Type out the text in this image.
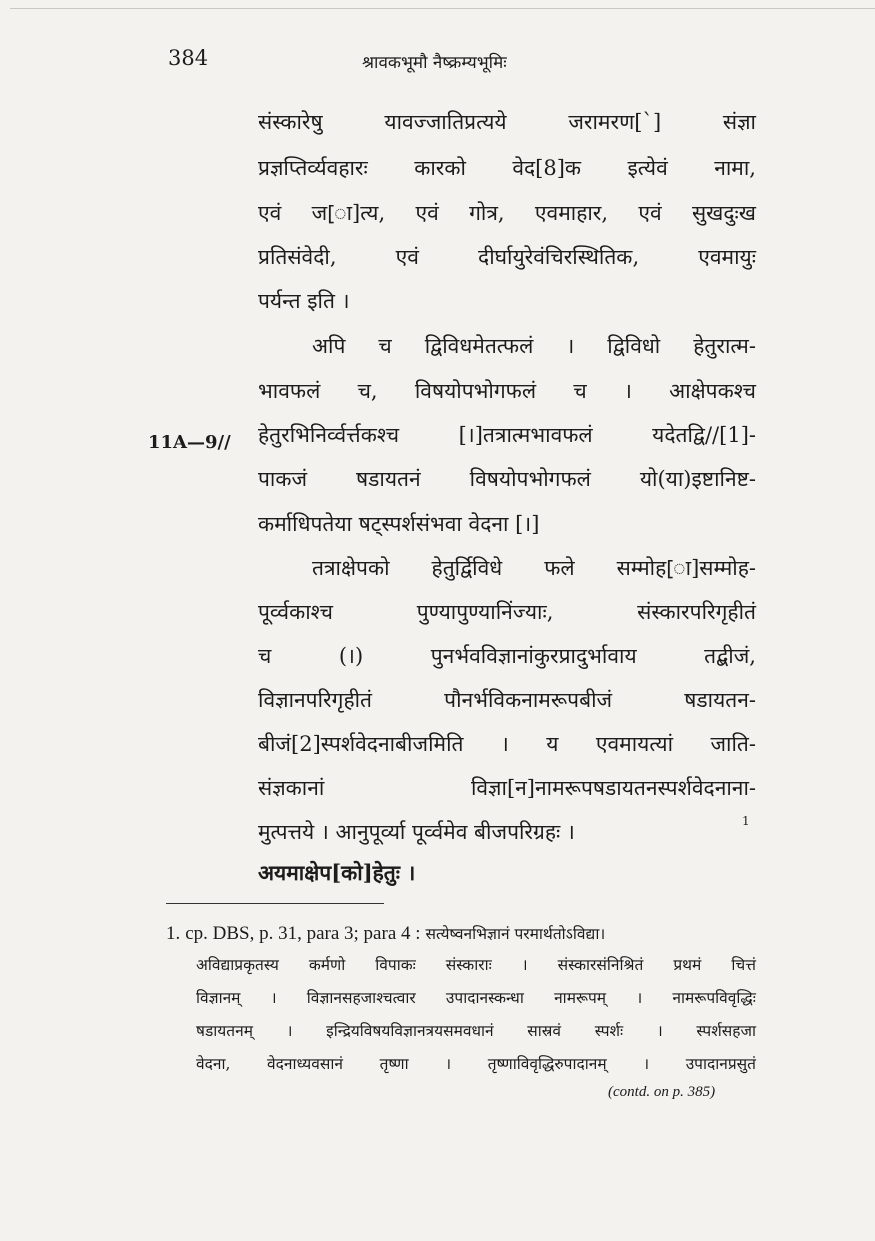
384	श्रावकभूमौ नैष्क्रम्यभूमिः
संस्कारेषु	यावज्जातिप्रत्यये	जरामरण[`]	संज्ञा
प्रज्ञप्तिर्व्यवहारः कारको वेद[8]क इत्येवं नामा,
एवं ज[ा]त्य, एवं गोत्र, एवमाहार, एवं सुखदुःख
प्रतिसंवेदी,	एवं	दीर्घायुरेवंचिरस्थितिक,	एवमायुः
पर्यन्त इति ।
अपि च द्विविधमेतत्फलं । द्विविधो हेतुरात्म-
भावफलं च, विषयोपभोगफलं च । आक्षेपकश्च
11A—9// हेतुरभिनिर्व्वर्त्तकश्च	[।]तत्रात्मभावफलं	यदेतद्वि//[1]-
पाकजं षडायतनं विषयोपभोगफलं यो(या)इष्टानिष्ट-
कर्माधिपतेया षट्स्पर्शसंभवा वेदना [।]
तत्राक्षेपको हेतुर्द्विविधे फले सम्मोह[ा]सम्मोह-
पूर्व्वकाश्च	पुण्यापुण्यानिंज्याः,	संस्कारपरिगृहीतं
च	(।)	पुनर्भवविज्ञानांकुरप्रादुर्भावाय	तद्बीजं,
विज्ञानपरिगृहीतं	पौनर्भविकनामरूपबीजं	षडायतन-
बीजं[2]स्पर्शवेदनाबीजमिति । य एवमायत्यां जाति-
संज्ञकानां	विज्ञा[न]नामरूपषडायतनस्पर्शवेदनाना-
मुत्पत्तये । आनुपूर्व्या पूर्व्वमेव बीजपरिग्रहः ।	1
अयमाक्षेप[को]हेतुः ।
1. cp. DBS, p. 31, para 3; para 4 : सत्येष्वनभिज्ञानं परमार्थतोऽविद्या।
अविद्याप्रकृतस्य कर्मणो विपाकः संस्काराः । संस्कारसंनिश्रितं प्रथमं चित्तं
विज्ञानम् । विज्ञानसहजाश्चत्वार उपादानस्कन्धा नामरूपम् । नामरूपविवृद्धिः
षडायतनम् । इन्द्रियविषयविज्ञानत्रयसमवधानं सास्रवं स्पर्शः । स्पर्शसहजा
वेदना, वेदनाध्यवसानं तृष्णा । तृष्णाविवृद्धिरुपादानम् । उपादानप्रसुतं
(contd. on p. 385)
